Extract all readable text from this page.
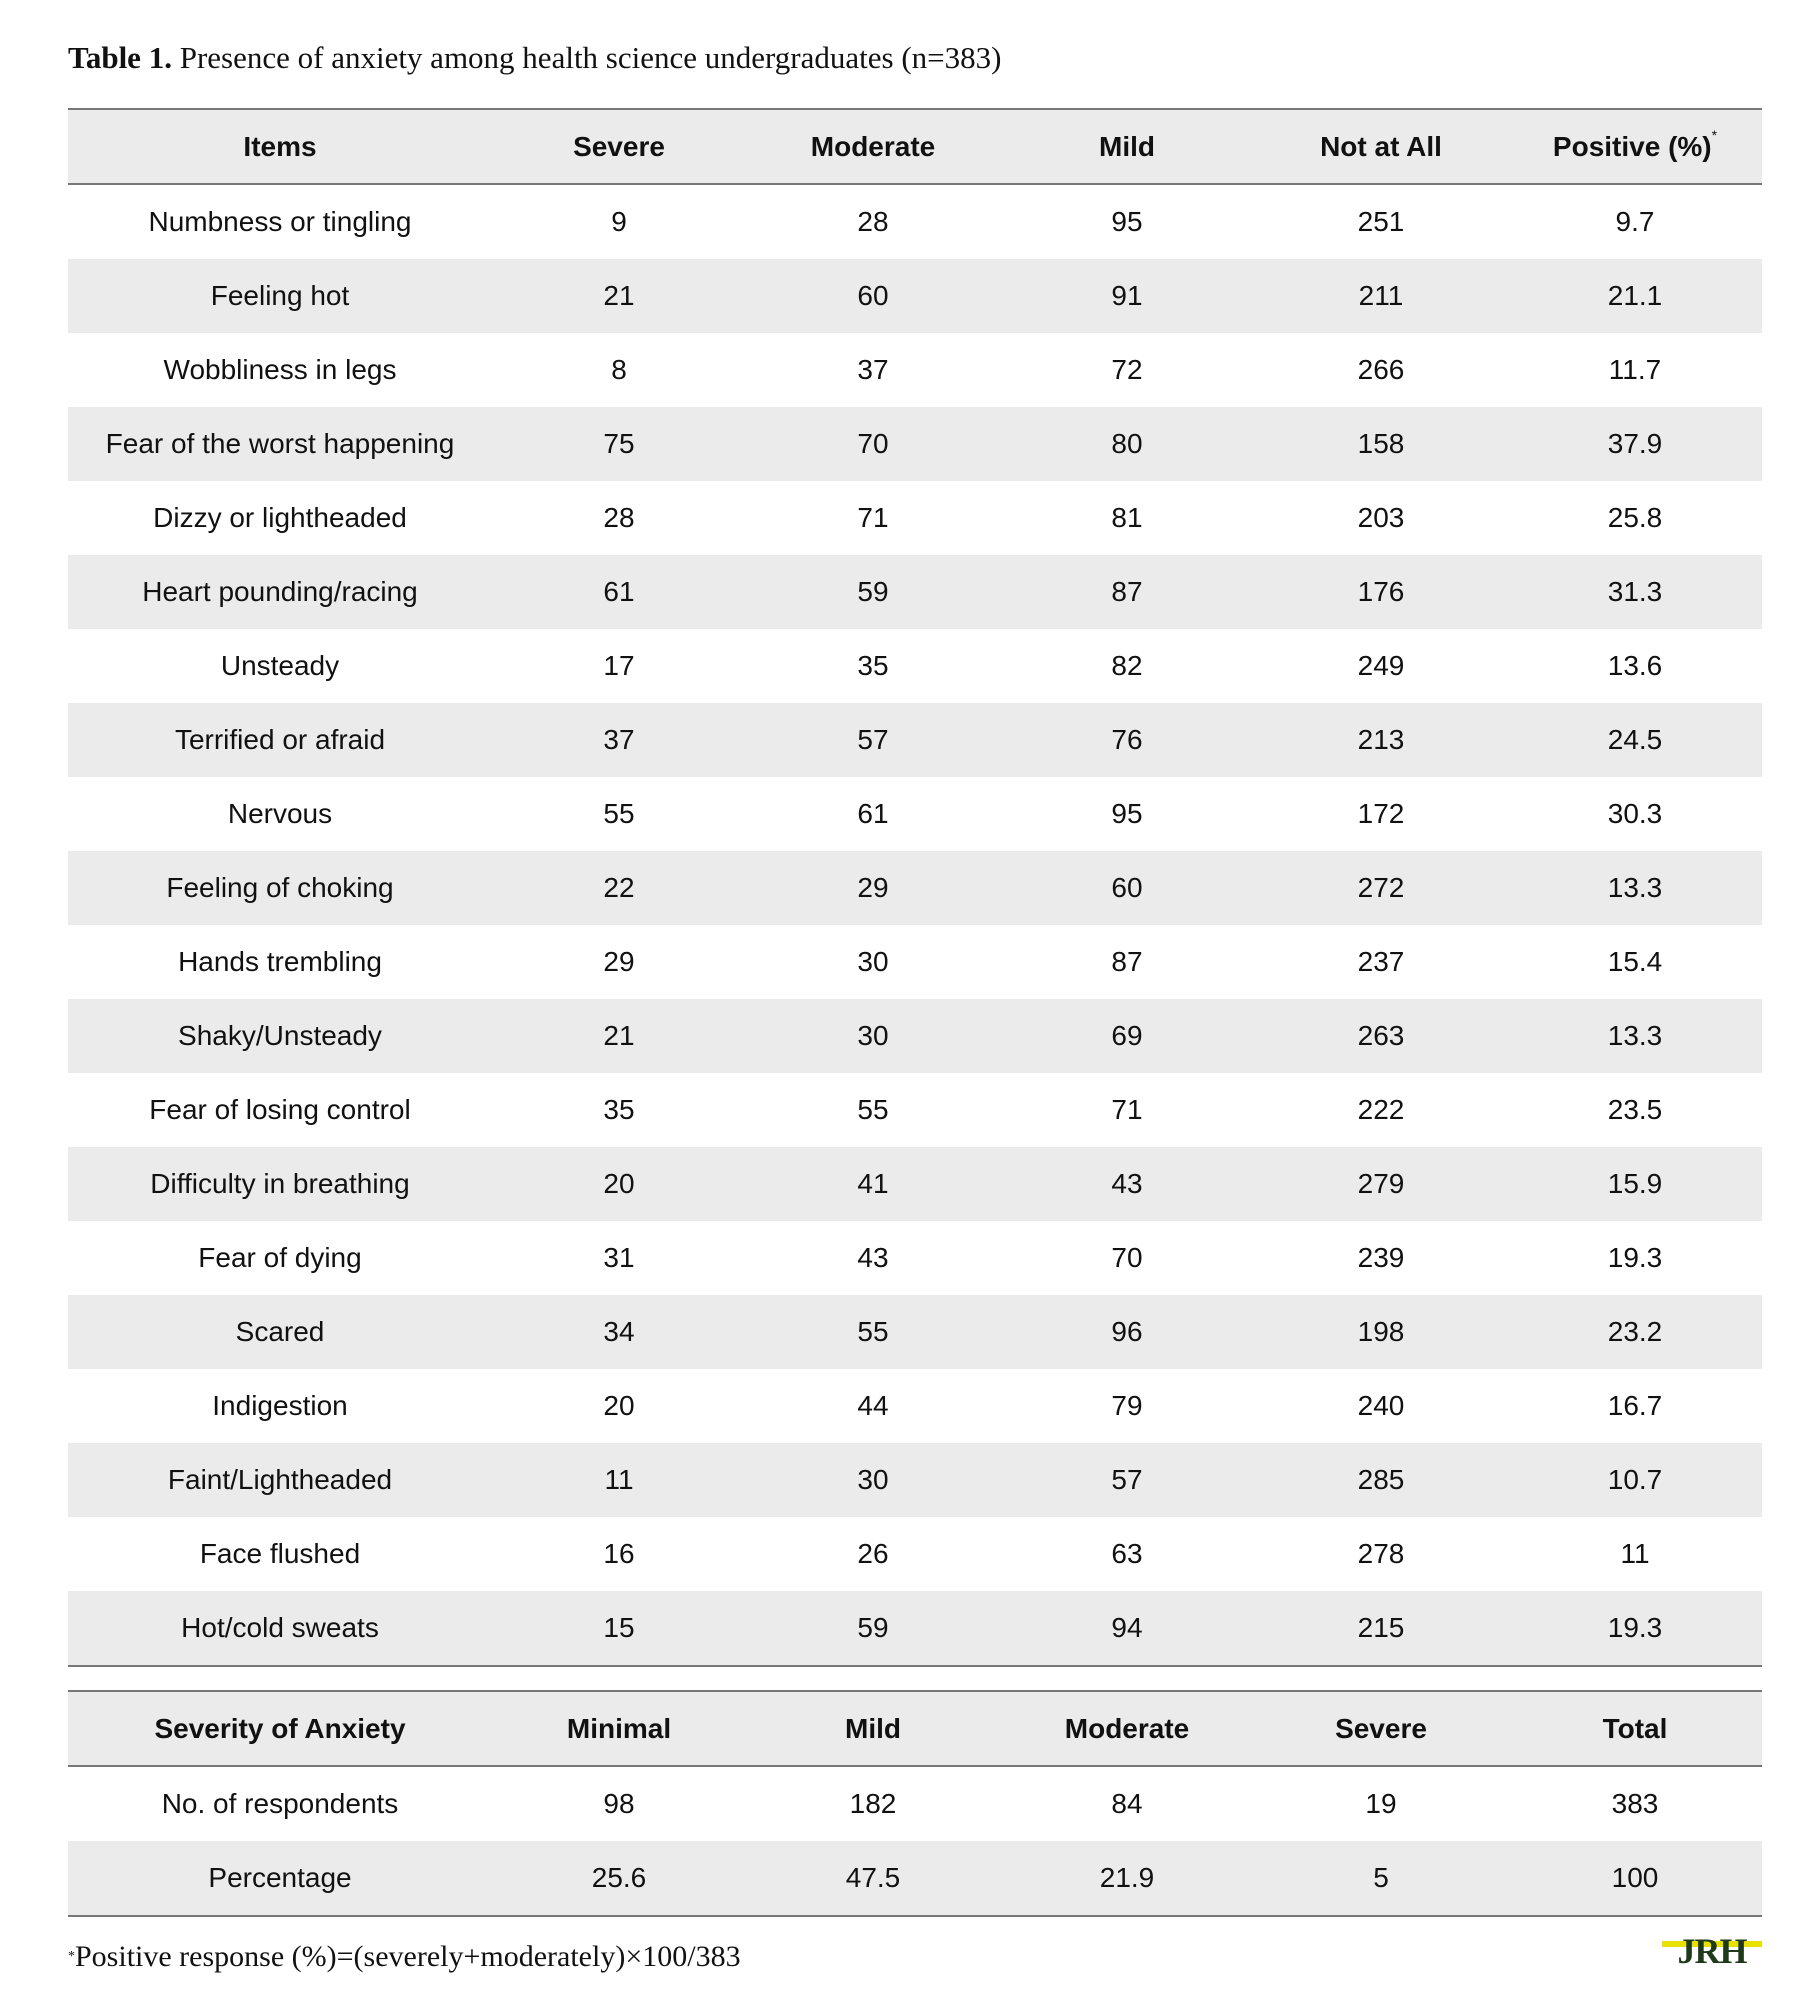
Table 1. Presence of anxiety among health science undergraduates (n=383)
Items	Severe	Moderate	Mild	Not at All	Positive (%)*
Numbness or tingling	9	28	95	251	9.7
Feeling hot	21	60	91	211	21.1
Wobbliness in legs	8	37	72	266	11.7
Fear of the worst happening	75	70	80	158	37.9
Dizzy or lightheaded	28	71	81	203	25.8
Heart pounding/racing	61	59	87	176	31.3
Unsteady	17	35	82	249	13.6
Terrified or afraid	37	57	76	213	24.5
Nervous	55	61	95	172	30.3
Feeling of choking	22	29	60	272	13.3
Hands trembling	29	30	87	237	15.4
Shaky/Unsteady	21	30	69	263	13.3
Fear of losing control	35	55	71	222	23.5
Difficulty in breathing	20	41	43	279	15.9
Fear of dying	31	43	70	239	19.3
Scared	34	55	96	198	23.2
Indigestion	20	44	79	240	16.7
Faint/Lightheaded	11	30	57	285	10.7
Face flushed	16	26	63	278	11
Hot/cold sweats	15	59	94	215	19.3
Severity of Anxiety	Minimal	Mild	Moderate	Severe	Total
No. of respondents	98	182	84	19	383
Percentage	25.6	47.5	21.9	5	100
*Positive response (%)=(severely+moderately)×100/383	JRH
